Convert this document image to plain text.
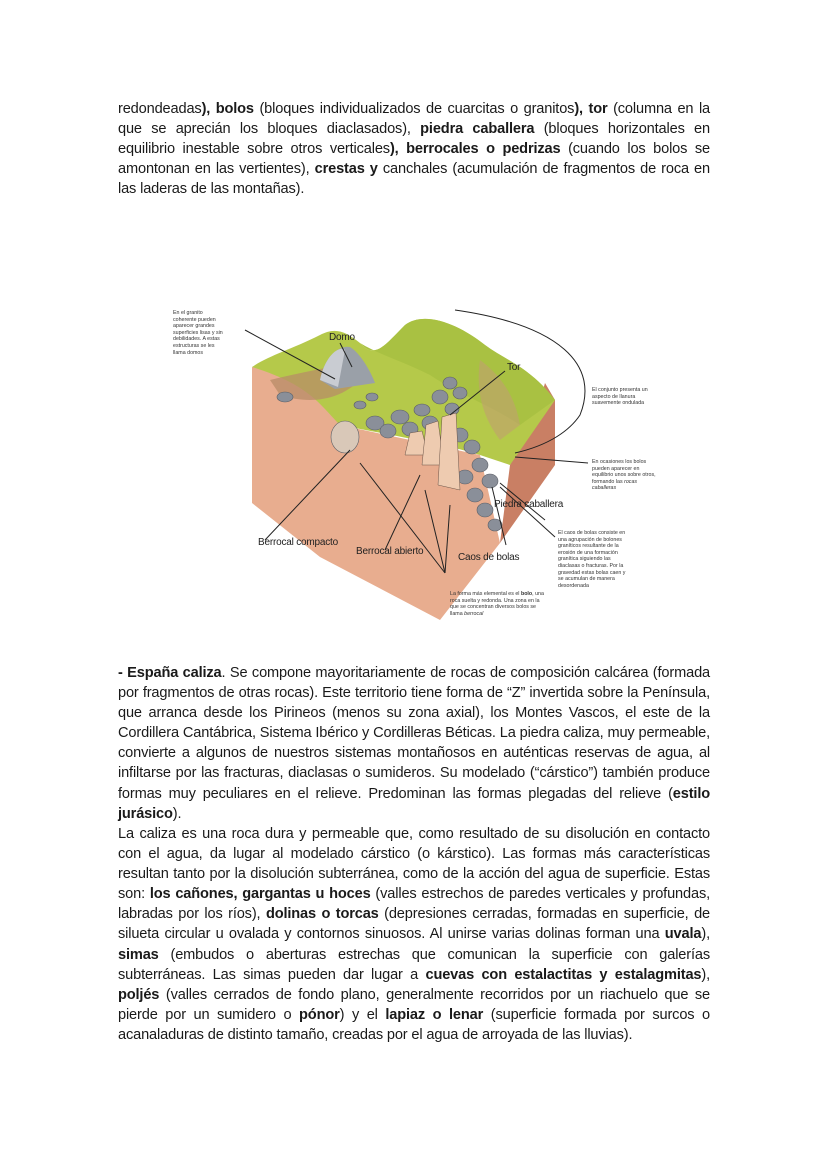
redondeadas), bolos (bloques individualizados de cuarcitas o granitos), tor (columna en la que se aprecián los bloques diaclasados), piedra caballera (bloques horizontales en equilibrio inestable sobre otros verticales), berrocales o pedrizas (cuando los bolos se amontonan en las vertientes), crestas y canchales (acumulación de fragmentos de roca en las laderas de las montañas).
Domo
Tor
Piedra caballera
Berrocal compacto
Berrocal abierto
Caos de bolas
En el granito coherente pueden aparecer grandes superficies lisas y sin debilidades. A estas estructuras se les llama domos
El conjunto presenta un aspecto de llanura suavemente ondulada
En ocasiones los bolos pueden aparecer en equilibrio unos sobre otros, formando las rocas caballeras
El caos de bolas consiste en una agrupación de bolones graníticos resultante de la erosión de una formación granítica siguiendo las diaclasas o fracturas. Por la gravedad estas bolas caen y se acumulan de manera desordenada
La forma más elemental es el bolo, una roca suelta y redonda. Una zona en la que se concentran diversos bolos se llama berrocal
- España caliza. Se compone mayoritariamente de rocas de composición calcárea (formada por fragmentos de otras rocas). Este territorio tiene forma de “Z” invertida sobre la Península, que arranca desde los Pirineos (menos su zona axial), los Montes Vascos, el este de la Cordillera Cantábrica, Sistema Ibérico y Cordilleras Béticas. La piedra caliza, muy permeable, convierte a algunos de nuestros sistemas montañosos en auténticas reservas de agua, al infiltarse por las fracturas, diaclasas o sumideros. Su modelado (“cárstico”) también produce formas muy peculiares en el relieve. Predominan las formas plegadas del relieve (estilo jurásico).
La caliza es una roca dura y permeable que, como resultado de su disolución en contacto con el agua, da lugar al modelado cárstico (o kárstico). Las formas más características resultan tanto por la disolución subterránea, como de la acción del agua de superficie. Estas son: los cañones, gargantas u hoces (valles estrechos de paredes verticales y profundas, labradas por los ríos), dolinas o torcas (depresiones cerradas, formadas en superficie, de silueta circular u ovalada y contornos sinuosos. Al unirse varias dolinas forman una uvala), simas (embudos o aberturas estrechas que comunican la superficie con galerías subterráneas. Las simas pueden dar lugar a cuevas con estalactitas y estalagmitas), poljés (valles cerrados de fondo plano, generalmente recorridos por un riachuelo que se pierde por un sumidero o pónor) y el lapiaz o lenar (superficie formada por surcos o acanaladuras de distinto tamaño, creadas por el agua de arroyada de las lluvias).
